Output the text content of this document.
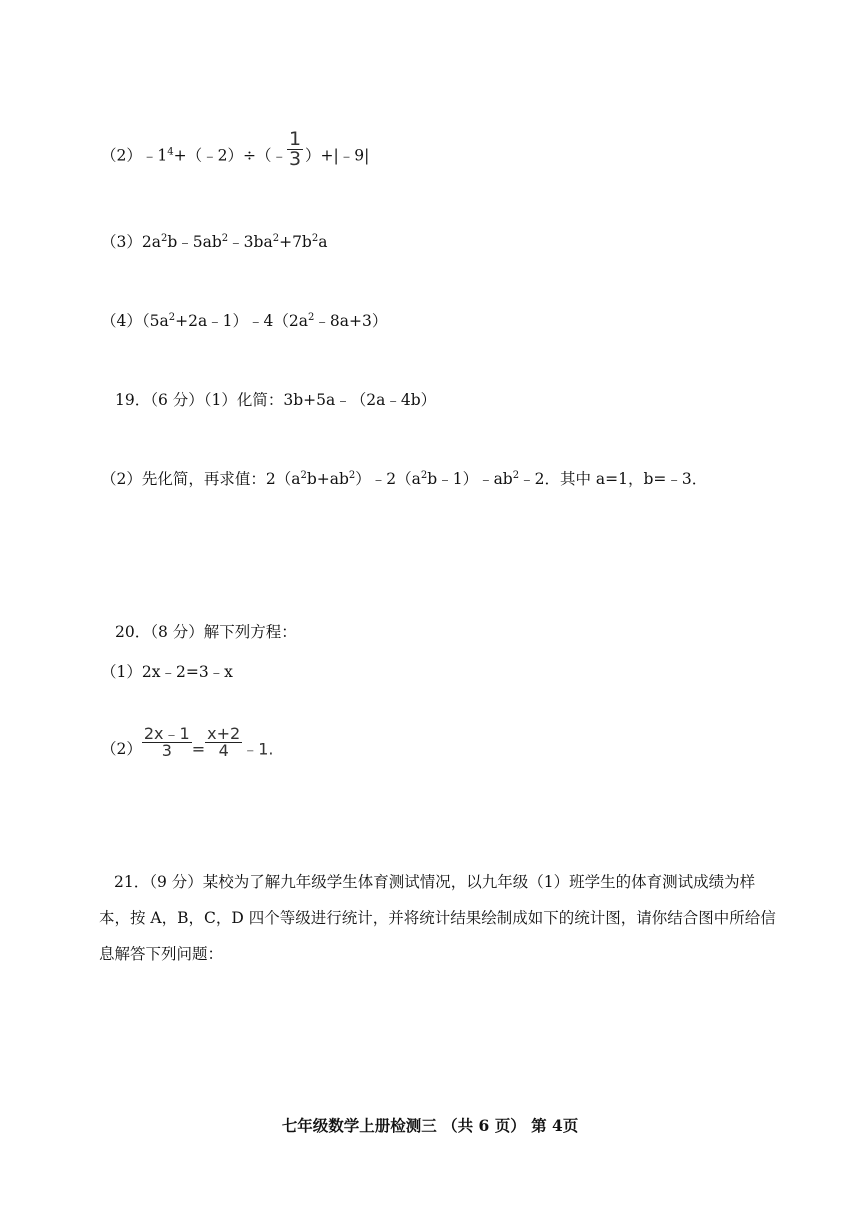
$(2)﹣1^4+(﹣2)\div(﹣ \frac{1}{3}$ ）+|﹣9|
$(3)2a^2b﹣5ab^2﹣3ba^2+7b^2a$
$(4)(5a^2+2a﹣1)﹣4(2a^2﹣8a+3)$
19．（6 分）（1）化简：3b+5a﹣（2a﹣4b）
（2）先化简，再求值：$2(a^2b+ab^2)﹣2(a^2b﹣1)﹣ab^2﹣2$．其中 a=1，b=﹣3．
20．（8 分）解下列方程：
（1）2x﹣2=3﹣x
$(2) \frac{2x﹣1}{3} = \frac{x+2}{4}$ ﹣1.
21．（9 分）某校为了解九年级学生体育测试情况，以九年级（1）班学生的体育测试成绩为样本，按 A，B，C，D 四个等级进行统计，并将统计结果绘制成如下的统计图，请你结合图中所给信息解答下列问题：
七年级数学上册检测三 （共 6 页） 第 4页
